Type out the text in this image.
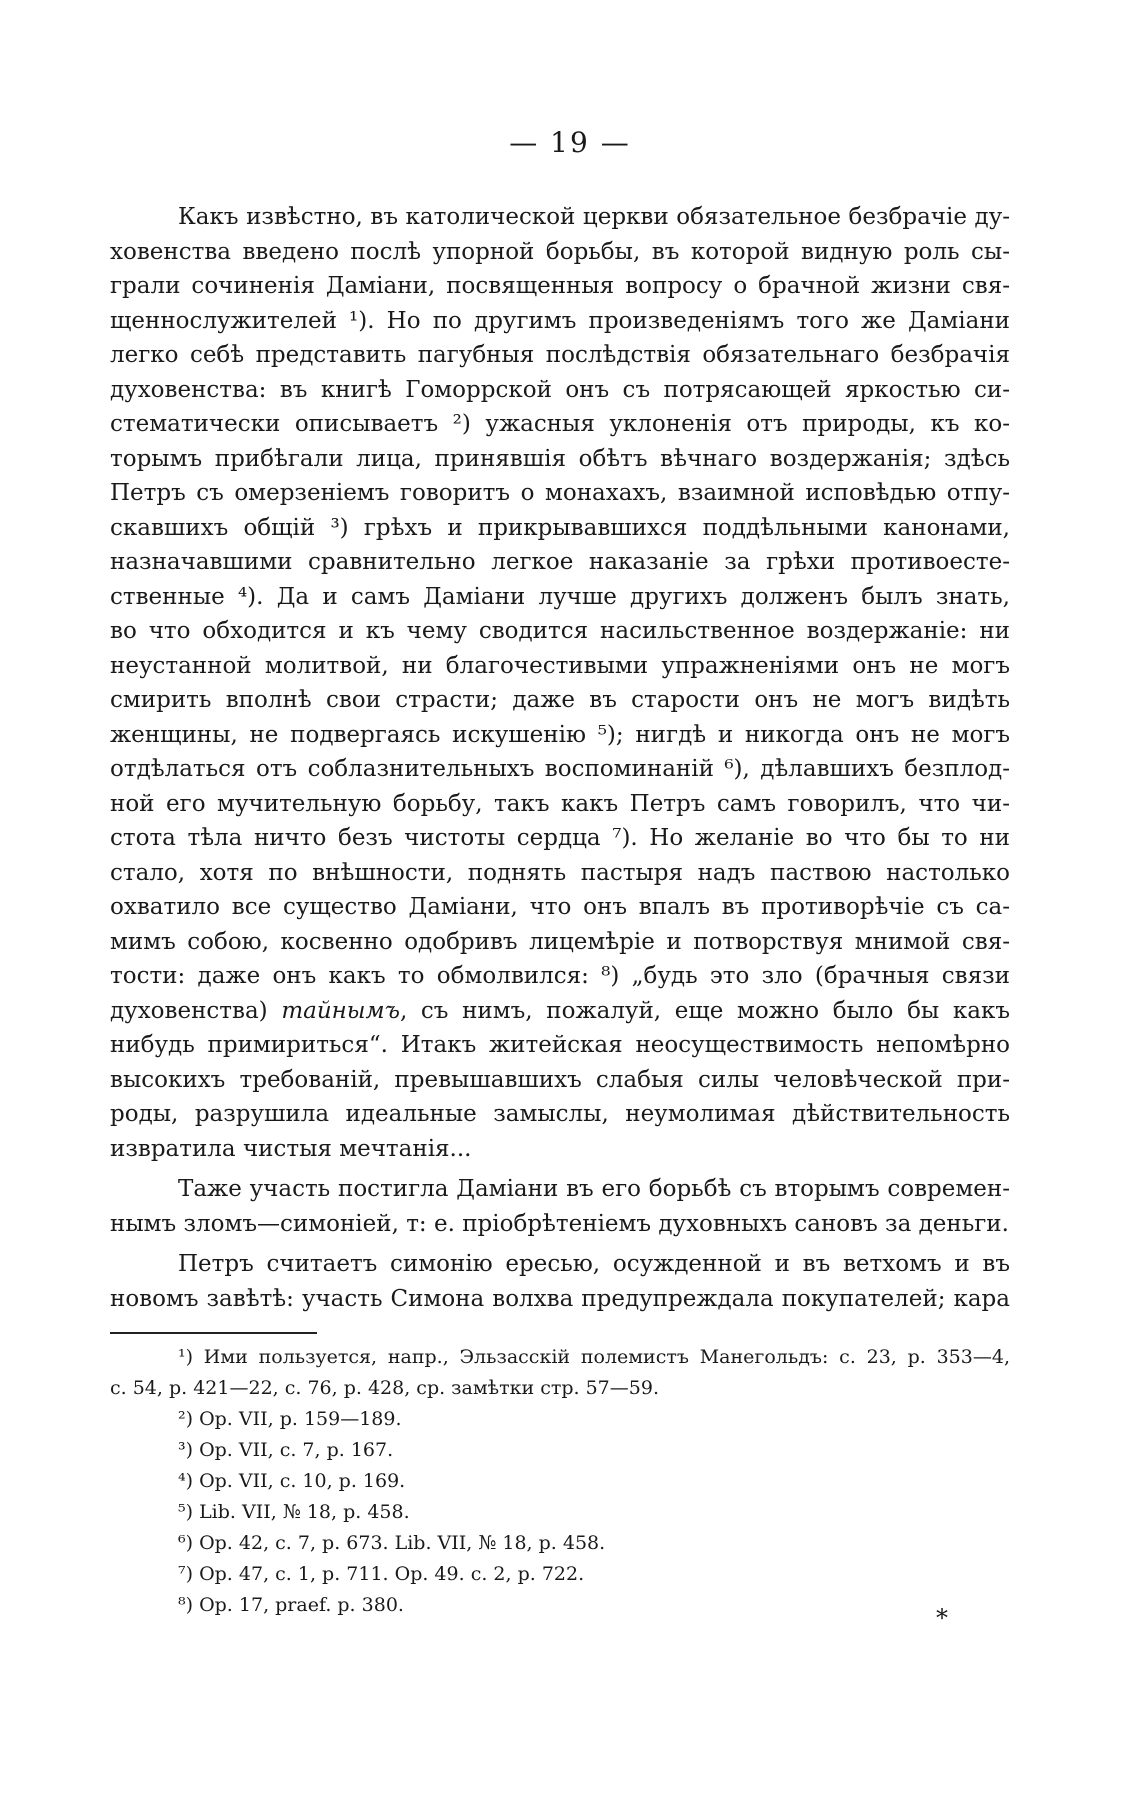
— 19 —
Какъ извѣстно, въ католической церкви обязательное безбрачіе ду-
ховенства введено послѣ упорной борьбы, въ которой видную роль сы-
грали сочиненія Даміани, посвященныя вопросу о брачной жизни свя-
щеннослужителей ¹). Но по другимъ произведеніямъ того же Даміани
легко себѣ представить пагубныя послѣдствія обязательнаго безбрачія
духовенства: въ книгѣ Гоморрской онъ съ потрясающей яркостью си-
стематически описываетъ ²) ужасныя уклоненія отъ природы, къ ко-
торымъ прибѣгали лица, принявшія обѣтъ вѣчнаго воздержанія; здѣсь
Петръ съ омерзеніемъ говоритъ о монахахъ, взаимной исповѣдью отпу-
скавшихъ общій ³) грѣхъ и прикрывавшихся поддѣльными канонами,
назначавшими сравнительно легкое наказаніе за грѣхи противоесте-
ственные ⁴). Да и самъ Даміани лучше другихъ долженъ былъ знать,
во что обходится и къ чему сводится насильственное воздержаніе: ни
неустанной молитвой, ни благочестивыми упражненіями онъ не могъ
смирить вполнѣ свои страсти; даже въ старости онъ не могъ видѣть
женщины, не подвергаясь искушенію ⁵); нигдѣ и никогда онъ не могъ
отдѣлаться отъ соблазнительныхъ воспоминаній ⁶), дѣлавшихъ безплод-
ной его мучительную борьбу, такъ какъ Петръ самъ говорилъ, что чи-
стота тѣла ничто безъ чистоты сердца ⁷). Но желаніе во что бы то ни
стало, хотя по внѣшности, поднять пастыря надъ паствою настолько
охватило все существо Даміани, что онъ впалъ въ противорѣчіе съ са-
мимъ собою, косвенно одобривъ лицемѣріе и потворствуя мнимой свя-
тости: даже онъ какъ то обмолвился: ⁸) „будь это зло (брачныя связи
духовенства) тайнымъ, съ нимъ, пожалуй, еще можно было бы какъ
нибудь примириться“. Итакъ житейская неосуществимость непомѣрно
высокихъ требованій, превышавшихъ слабыя силы человѣческой при-
роды, разрушила идеальные замыслы, неумолимая дѣйствительность
извратила чистыя мечтанія...
Таже участь постигла Даміани въ его борьбѣ съ вторымъ современ-
нымъ зломъ—симоніей, т: е. пріобрѣтеніемъ духовныхъ сановъ за деньги.
Петръ считаетъ симонію ересью, осужденной и въ ветхомъ и въ
новомъ завѣтѣ: участь Симона волхва предупреждала покупателей; кара
¹) Ими пользуется, напр., Эльзасскій полемистъ Манегольдъ: с. 23, р. 353—4,
с. 54, р. 421—22, с. 76, р. 428, ср. замѣтки стр. 57—59.
²) Op. VII, p. 159—189.
³) Op. VII, c. 7, p. 167.
⁴) Op. VII, c. 10, p. 169.
⁵) Lib. VII, № 18, p. 458.
⁶) Op. 42, c. 7, p. 673. Lib. VII, № 18, p. 458.
⁷) Op. 47, c. 1, p. 711. Op. 49. c. 2, p. 722.
⁸) Op. 17, praef. p. 380.	*
